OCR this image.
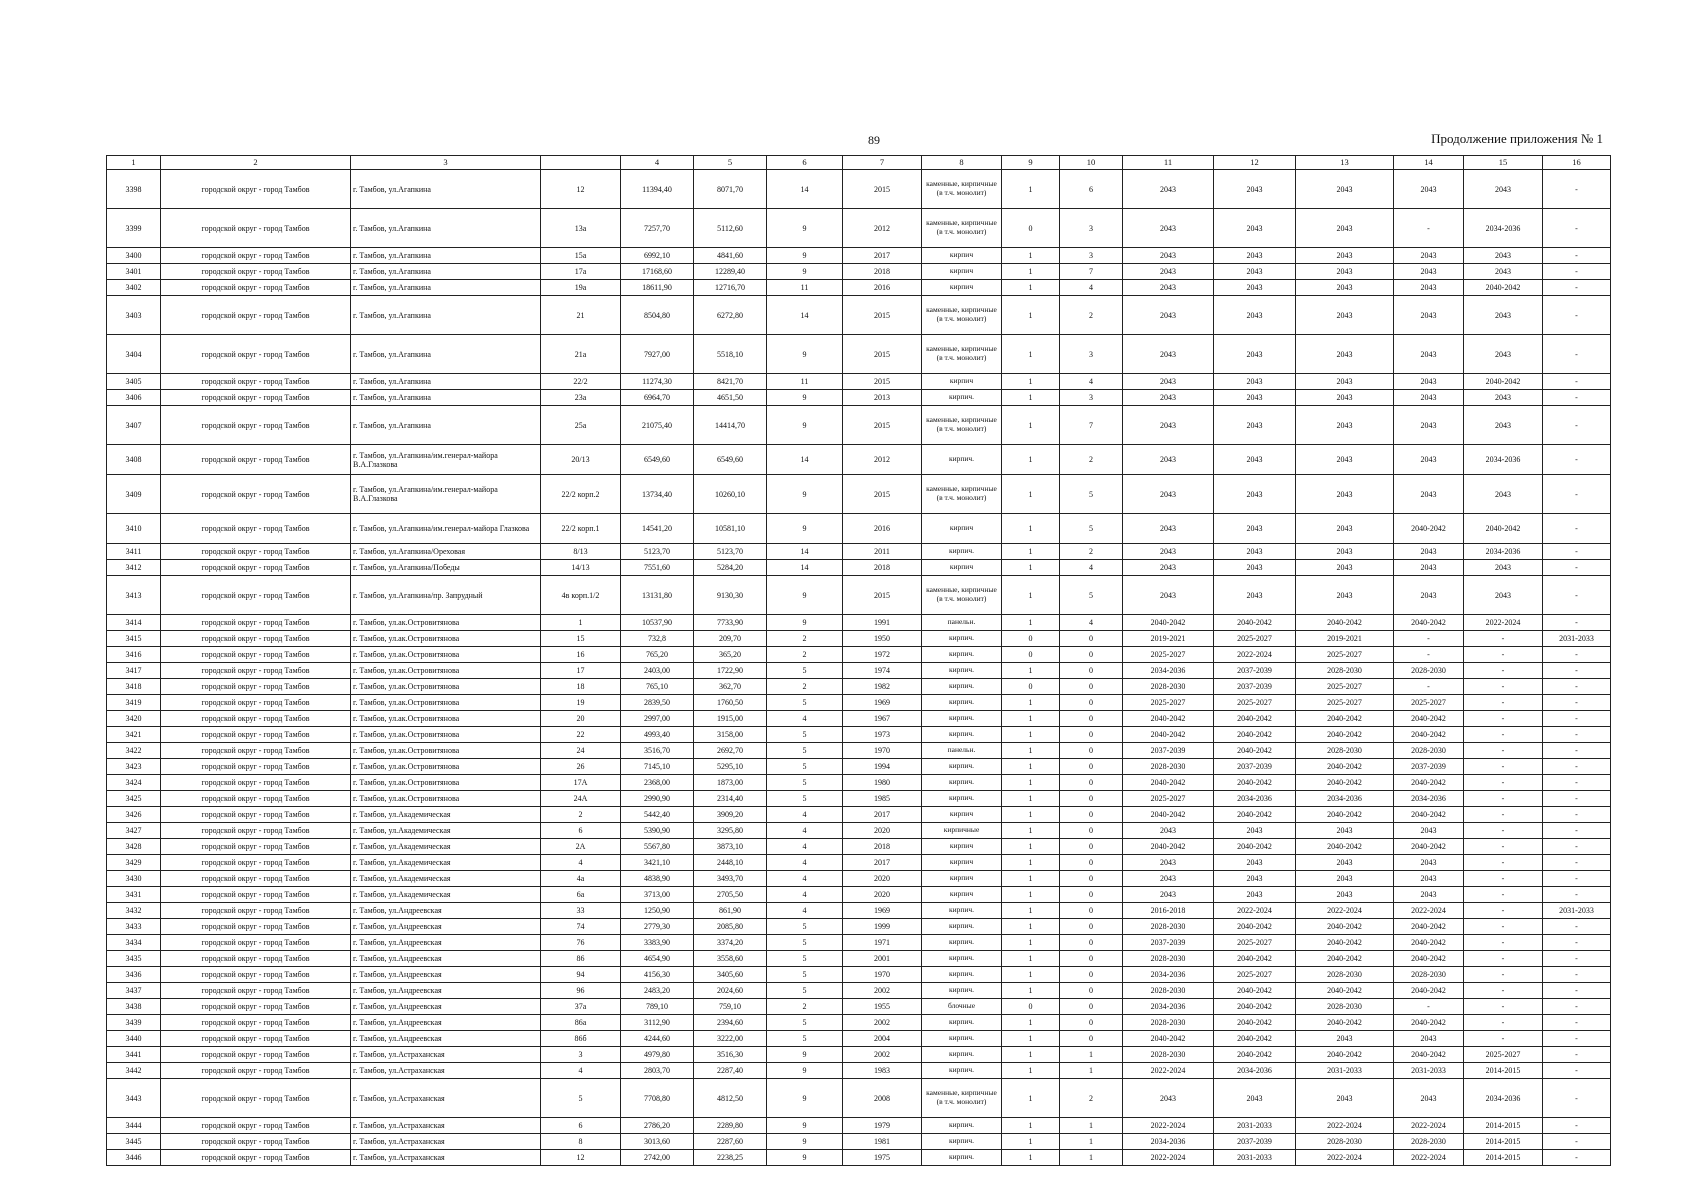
89	Продолжение приложения № 1
1	2	3		4	5	6	7	8	9	10	11	12	13	14	15	16
3398	городской округ - город Тамбов	г. Тамбов, ул.Агапкина	12	11394,40	8071,70	14	2015	каменные, кирпичные (в т.ч. монолит)	1	6	2043	2043	2043	2043	2043	-
3399	городской округ - город Тамбов	г. Тамбов, ул.Агапкина	13а	7257,70	5112,60	9	2012	каменные, кирпичные (в т.ч. монолит)	0	3	2043	2043	2043	-	2034-2036	-
3400	городской округ - город Тамбов	г. Тамбов, ул.Агапкина	15а	6992,10	4841,60	9	2017	кирпич	1	3	2043	2043	2043	2043	2043	-
3401	городской округ - город Тамбов	г. Тамбов, ул.Агапкина	17а	17168,60	12289,40	9	2018	кирпич	1	7	2043	2043	2043	2043	2043	-
3402	городской округ - город Тамбов	г. Тамбов, ул.Агапкина	19а	18611,90	12716,70	11	2016	кирпич	1	4	2043	2043	2043	2043	2040-2042	-
3403	городской округ - город Тамбов	г. Тамбов, ул.Агапкина	21	8504,80	6272,80	14	2015	каменные, кирпичные (в т.ч. монолит)	1	2	2043	2043	2043	2043	2043	-
3404	городской округ - город Тамбов	г. Тамбов, ул.Агапкина	21а	7927,00	5518,10	9	2015	каменные, кирпичные (в т.ч. монолит)	1	3	2043	2043	2043	2043	2043	-
3405	городской округ - город Тамбов	г. Тамбов, ул.Агапкина	22/2	11274,30	8421,70	11	2015	кирпич	1	4	2043	2043	2043	2043	2040-2042	-
3406	городской округ - город Тамбов	г. Тамбов, ул.Агапкина	23а	6964,70	4651,50	9	2013	кирпич.	1	3	2043	2043	2043	2043	2043	-
3407	городской округ - город Тамбов	г. Тамбов, ул.Агапкина	25а	21075,40	14414,70	9	2015	каменные, кирпичные (в т.ч. монолит)	1	7	2043	2043	2043	2043	2043	-
3408	городской округ - город Тамбов	г. Тамбов, ул.Агапкина/им.генерал-майора В.А.Глазкова	20/13	6549,60	6549,60	14	2012	кирпич.	1	2	2043	2043	2043	2043	2034-2036	-
3409	городской округ - город Тамбов	г. Тамбов, ул.Агапкина/им.генерал-майора В.А.Глазкова	22/2 корп.2	13734,40	10260,10	9	2015	каменные, кирпичные (в т.ч. монолит)	1	5	2043	2043	2043	2043	2043	-
3410	городской округ - город Тамбов	г. Тамбов, ул.Агапкина/им.генерал-майора Глазкова	22/2 корп.1	14541,20	10581,10	9	2016	кирпич	1	5	2043	2043	2043	2040-2042	2040-2042	-
3411	городской округ - город Тамбов	г. Тамбов, ул.Агапкина/Ореховая	8/13	5123,70	5123,70	14	2011	кирпич.	1	2	2043	2043	2043	2043	2034-2036	-
3412	городской округ - город Тамбов	г. Тамбов, ул.Агапкина/Победы	14/13	7551,60	5284,20	14	2018	кирпич	1	4	2043	2043	2043	2043	2043	-
3413	городской округ - город Тамбов	г. Тамбов, ул.Агапкина/пр. Запрудный	4в корп.1/2	13131,80	9130,30	9	2015	каменные, кирпичные (в т.ч. монолит)	1	5	2043	2043	2043	2043	2043	-
3414	городской округ - город Тамбов	г. Тамбов, ул.ак.Островитянова	1	10537,90	7733,90	9	1991	панельн.	1	4	2040-2042	2040-2042	2040-2042	2040-2042	2022-2024	-
3415	городской округ - город Тамбов	г. Тамбов, ул.ак.Островитянова	15	732,8	209,70	2	1950	кирпич.	0	0	2019-2021	2025-2027	2019-2021	-	-	2031-2033
3416	городской округ - город Тамбов	г. Тамбов, ул.ак.Островитянова	16	765,20	365,20	2	1972	кирпич.	0	0	2025-2027	2022-2024	2025-2027	-	-	-
3417	городской округ - город Тамбов	г. Тамбов, ул.ак.Островитянова	17	2403,00	1722,90	5	1974	кирпич.	1	0	2034-2036	2037-2039	2028-2030	2028-2030	-	-
3418	городской округ - город Тамбов	г. Тамбов, ул.ак.Островитянова	18	765,10	362,70	2	1982	кирпич.	0	0	2028-2030	2037-2039	2025-2027	-	-	-
3419	городской округ - город Тамбов	г. Тамбов, ул.ак.Островитянова	19	2839,50	1760,50	5	1969	кирпич.	1	0	2025-2027	2025-2027	2025-2027	2025-2027	-	-
3420	городской округ - город Тамбов	г. Тамбов, ул.ак.Островитянова	20	2997,00	1915,00	4	1967	кирпич.	1	0	2040-2042	2040-2042	2040-2042	2040-2042	-	-
3421	городской округ - город Тамбов	г. Тамбов, ул.ак.Островитянова	22	4993,40	3158,00	5	1973	кирпич.	1	0	2040-2042	2040-2042	2040-2042	2040-2042	-	-
3422	городской округ - город Тамбов	г. Тамбов, ул.ак.Островитянова	24	3516,70	2692,70	5	1970	панельн.	1	0	2037-2039	2040-2042	2028-2030	2028-2030	-	-
3423	городской округ - город Тамбов	г. Тамбов, ул.ак.Островитянова	26	7145,10	5295,10	5	1994	кирпич.	1	0	2028-2030	2037-2039	2040-2042	2037-2039	-	-
3424	городской округ - город Тамбов	г. Тамбов, ул.ак.Островитянова	17А	2368,00	1873,00	5	1980	кирпич.	1	0	2040-2042	2040-2042	2040-2042	2040-2042	-	-
3425	городской округ - город Тамбов	г. Тамбов, ул.ак.Островитянова	24А	2990,90	2314,40	5	1985	кирпич.	1	0	2025-2027	2034-2036	2034-2036	2034-2036	-	-
3426	городской округ - город Тамбов	г. Тамбов, ул.Академическая	2	5442,40	3909,20	4	2017	кирпич	1	0	2040-2042	2040-2042	2040-2042	2040-2042	-	-
3427	городской округ - город Тамбов	г. Тамбов, ул.Академическая	6	5390,90	3295,80	4	2020	кирпичные	1	0	2043	2043	2043	2043	-	-
3428	городской округ - город Тамбов	г. Тамбов, ул.Академическая	2А	5567,80	3873,10	4	2018	кирпич	1	0	2040-2042	2040-2042	2040-2042	2040-2042	-	-
3429	городской округ - город Тамбов	г. Тамбов, ул.Академическая	4	3421,10	2448,10	4	2017	кирпич	1	0	2043	2043	2043	2043	-	-
3430	городской округ - город Тамбов	г. Тамбов, ул.Академическая	4а	4838,90	3493,70	4	2020	кирпич	1	0	2043	2043	2043	2043	-	-
3431	городской округ - город Тамбов	г. Тамбов, ул.Академическая	6а	3713,00	2705,50	4	2020	кирпич	1	0	2043	2043	2043	2043	-	-
3432	городской округ - город Тамбов	г. Тамбов, ул.Андреевская	33	1250,90	861,90	4	1969	кирпич.	1	0	2016-2018	2022-2024	2022-2024	2022-2024	-	2031-2033
3433	городской округ - город Тамбов	г. Тамбов, ул.Андреевская	74	2779,30	2085,80	5	1999	кирпич.	1	0	2028-2030	2040-2042	2040-2042	2040-2042	-	-
3434	городской округ - город Тамбов	г. Тамбов, ул.Андреевская	76	3383,90	3374,20	5	1971	кирпич.	1	0	2037-2039	2025-2027	2040-2042	2040-2042	-	-
3435	городской округ - город Тамбов	г. Тамбов, ул.Андреевская	86	4654,90	3558,60	5	2001	кирпич.	1	0	2028-2030	2040-2042	2040-2042	2040-2042	-	-
3436	городской округ - город Тамбов	г. Тамбов, ул.Андреевская	94	4156,30	3405,60	5	1970	кирпич.	1	0	2034-2036	2025-2027	2028-2030	2028-2030	-	-
3437	городской округ - город Тамбов	г. Тамбов, ул.Андреевская	96	2483,20	2024,60	5	2002	кирпич.	1	0	2028-2030	2040-2042	2040-2042	2040-2042	-	-
3438	городской округ - город Тамбов	г. Тамбов, ул.Андреевская	37а	789,10	759,10	2	1955	блочные	0	0	2034-2036	2040-2042	2028-2030	-	-	-
3439	городской округ - город Тамбов	г. Тамбов, ул.Андреевская	86а	3112,90	2394,60	5	2002	кирпич.	1	0	2028-2030	2040-2042	2040-2042	2040-2042	-	-
3440	городской округ - город Тамбов	г. Тамбов, ул.Андреевская	86б	4244,60	3222,00	5	2004	кирпич.	1	0	2040-2042	2040-2042	2043	2043	-	-
3441	городской округ - город Тамбов	г. Тамбов, ул.Астраханская	3	4979,80	3516,30	9	2002	кирпич.	1	1	2028-2030	2040-2042	2040-2042	2040-2042	2025-2027	-
3442	городской округ - город Тамбов	г. Тамбов, ул.Астраханская	4	2803,70	2287,40	9	1983	кирпич.	1	1	2022-2024	2034-2036	2031-2033	2031-2033	2014-2015	-
3443	городской округ - город Тамбов	г. Тамбов, ул.Астраханская	5	7708,80	4812,50	9	2008	каменные, кирпичные (в т.ч. монолит)	1	2	2043	2043	2043	2043	2034-2036	-
3444	городской округ - город Тамбов	г. Тамбов, ул.Астраханская	6	2786,20	2289,80	9	1979	кирпич.	1	1	2022-2024	2031-2033	2022-2024	2022-2024	2014-2015	-
3445	городской округ - город Тамбов	г. Тамбов, ул.Астраханская	8	3013,60	2287,60	9	1981	кирпич.	1	1	2034-2036	2037-2039	2028-2030	2028-2030	2014-2015	-
3446	городской округ - город Тамбов	г. Тамбов, ул.Астраханская	12	2742,00	2238,25	9	1975	кирпич.	1	1	2022-2024	2031-2033	2022-2024	2022-2024	2014-2015	-
